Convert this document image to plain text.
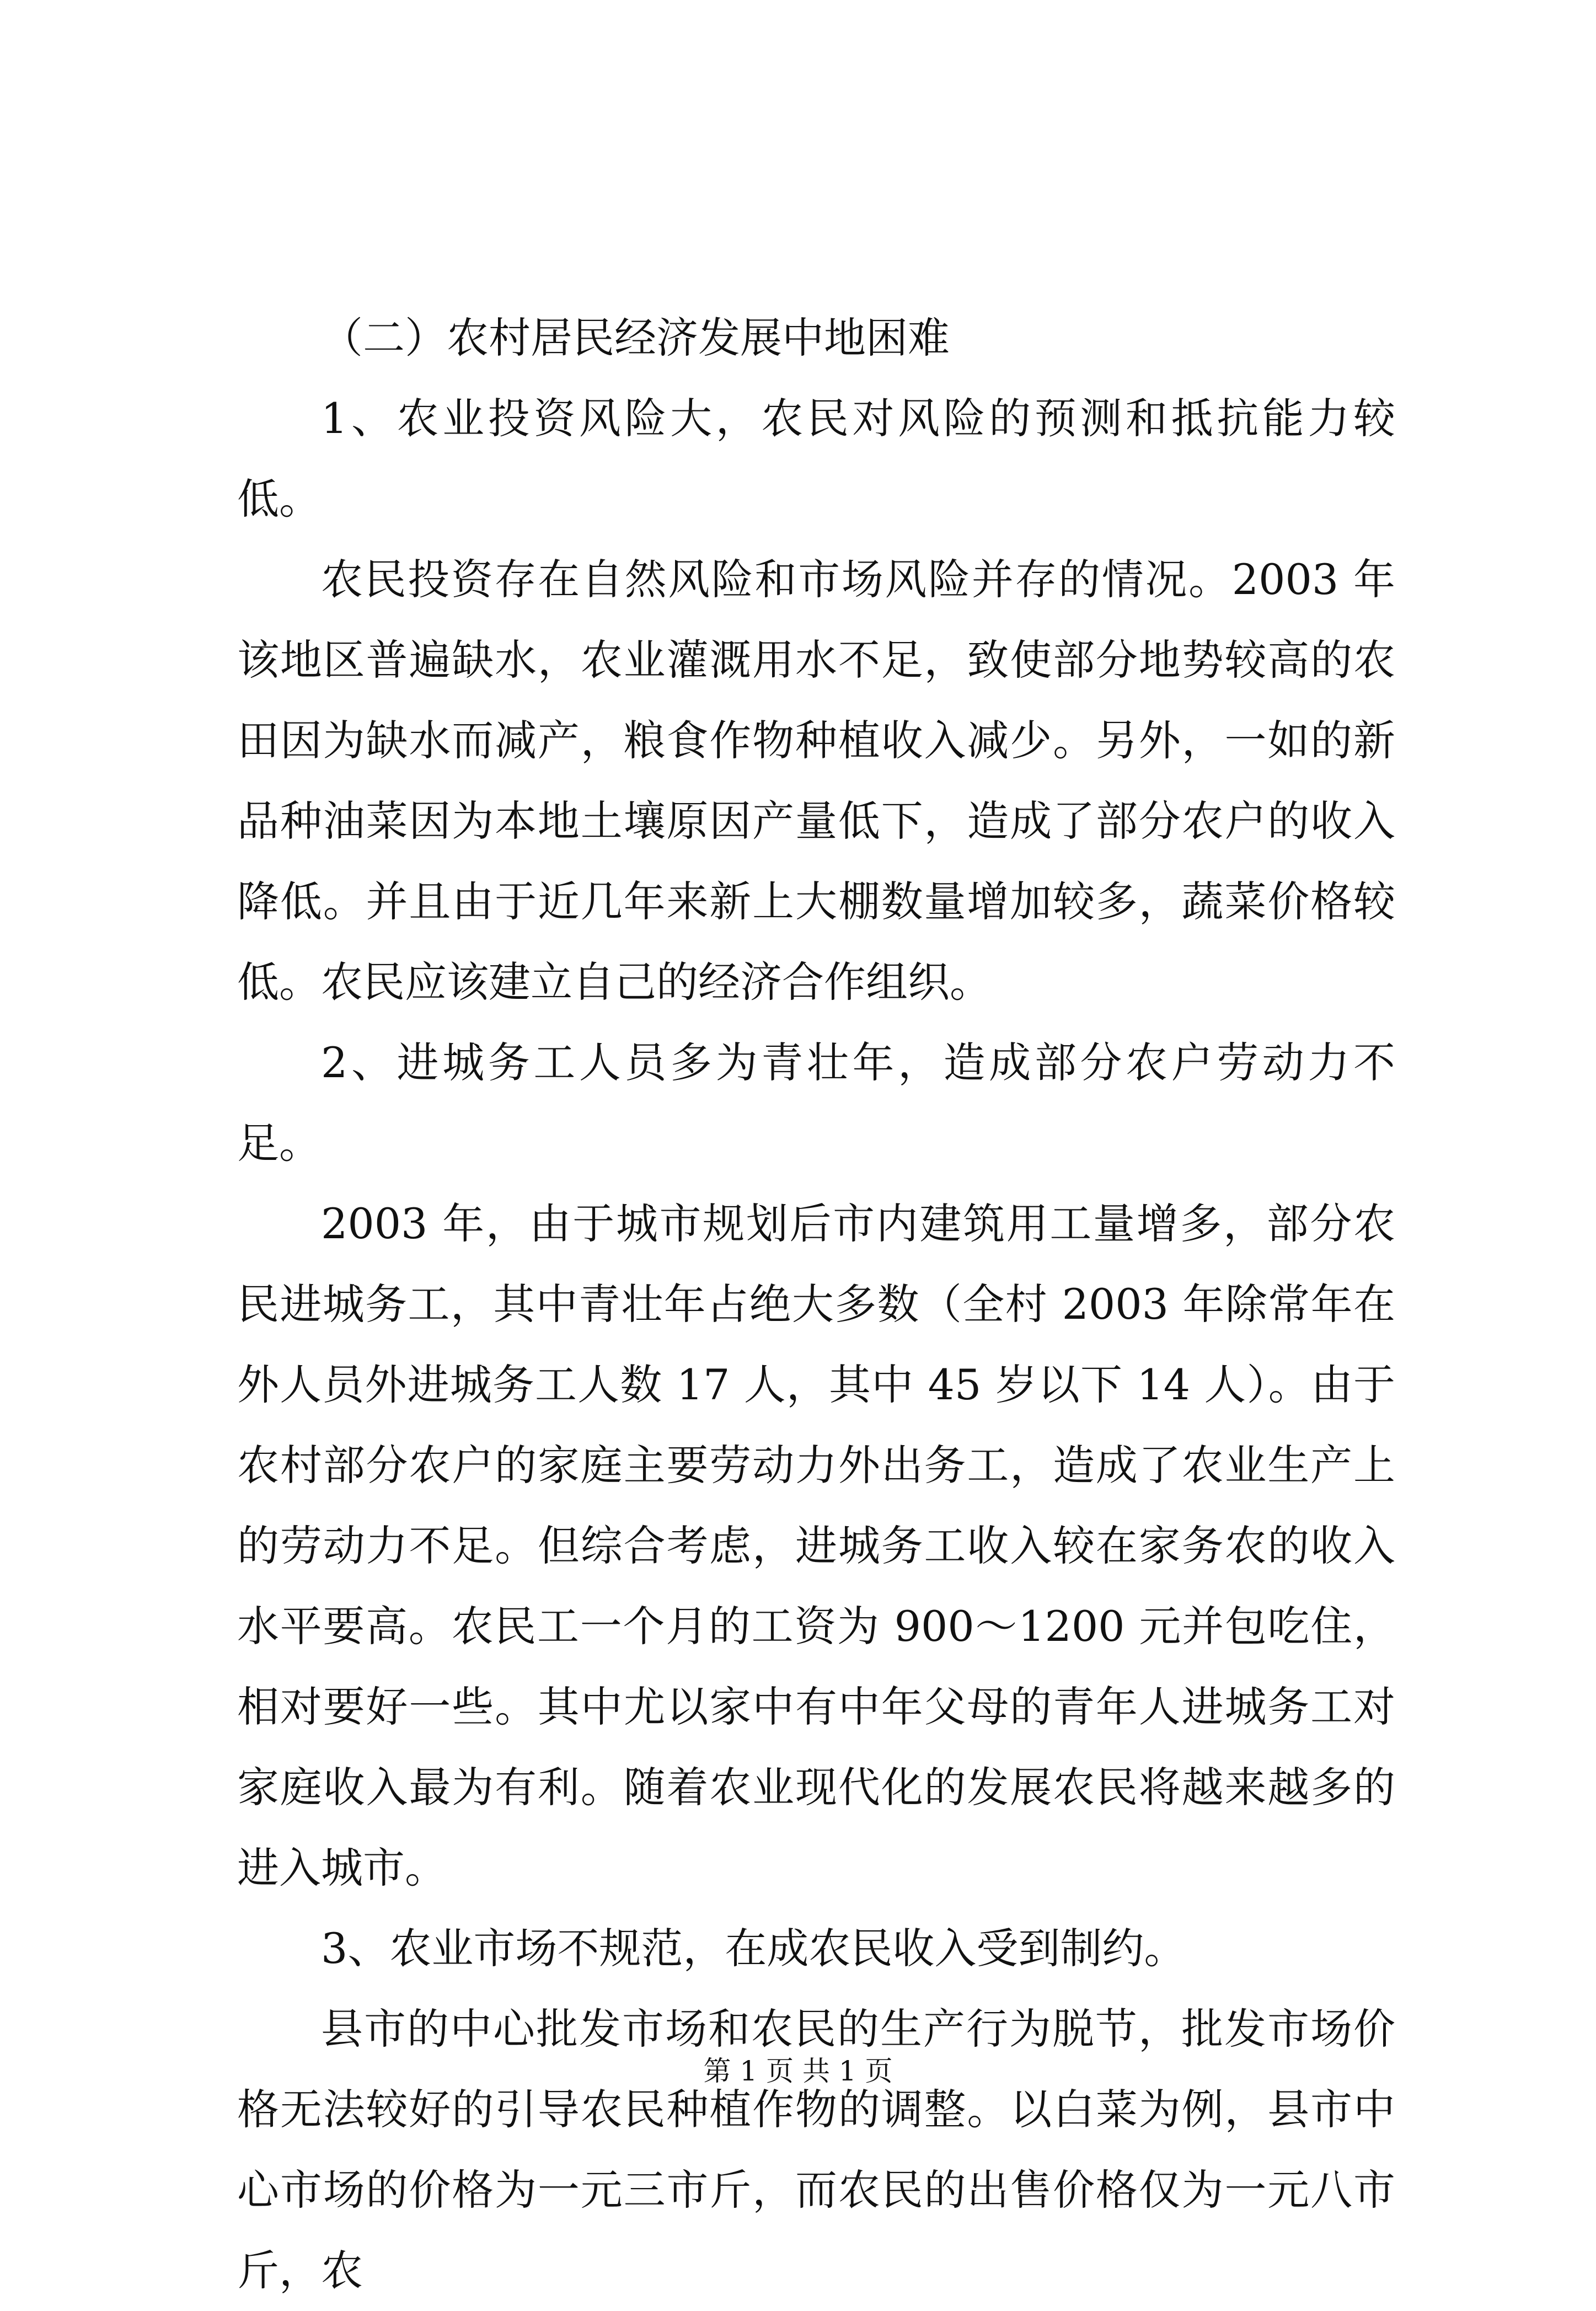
（二）农村居民经济发展中地困难

1、农业投资风险大，农民对风险的预测和抵抗能力较低。

农民投资存在自然风险和市场风险并存的情况。2003 年该地区普遍缺水，农业灌溉用水不足，致使部分地势较高的农田因为缺水而减产，粮食作物种植收入减少。另外，一如的新品种油菜因为本地土壤原因产量低下，造成了部分农户的收入降低。并且由于近几年来新上大棚数量增加较多，蔬菜价格较低。农民应该建立自己的经济合作组织。

2、进城务工人员多为青壮年，造成部分农户劳动力不足。

2003 年，由于城市规划后市内建筑用工量增多，部分农民进城务工，其中青壮年占绝大多数（全村 2003 年除常年在外人员外进城务工人数 17 人，其中 45 岁以下 14 人）。由于农村部分农户的家庭主要劳动力外出务工，造成了农业生产上的劳动力不足。但综合考虑，进城务工收入较在家务农的收入水平要高。农民工一个月的工资为 900～1200 元并包吃住，相对要好一些。其中尤以家中有中年父母的青年人进城务工对家庭收入最为有利。随着农业现代化的发展农民将越来越多的进入城市。

3、农业市场不规范，在成农民收入受到制约。

县市的中心批发市场和农民的生产行为脱节，批发市场价格无法较好的引导农民种植作物的调整。以白菜为例，县市中心市场的价格为一元三市斤，而农民的出售价格仅为一元八市斤，农

第 1 页 共 1 页
